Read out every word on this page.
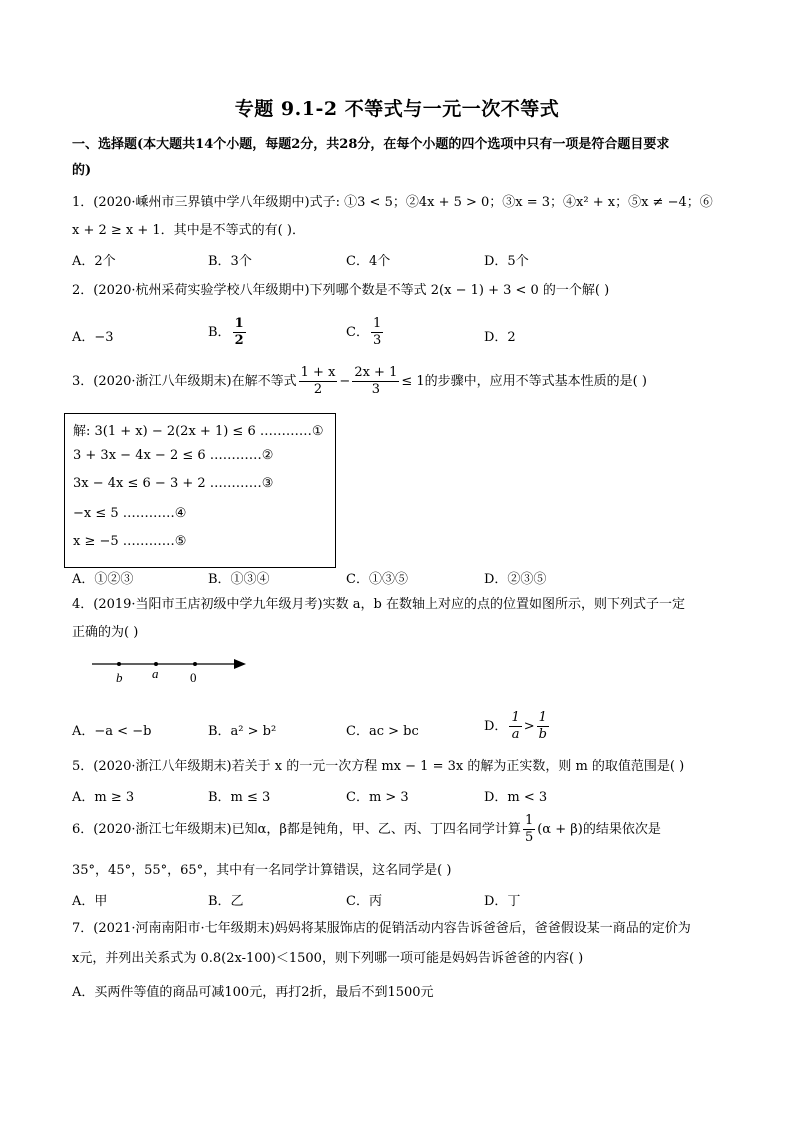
专题 9.1-2 不等式与一元一次不等式
一、选择题(本大题共14个小题，每题2分，共28分，在每个小题的四个选项中只有一项是符合题目要求
的)
1．(2020·嵊州市三界镇中学八年级期中)式子: ①3 < 5；②4x + 5 > 0；③x = 3；④x² + x；⑤x ≠ −4；⑥
x + 2 ≥ x + 1．其中是不等式的有( )．
A．2个	B．3个	C．4个	D．5个
2．(2020·杭州采荷实验学校八年级期中)下列哪个数是不等式 2(x − 1) + 3 < 0 的一个解( )
A．−3	B． $\frac{1}{2}$	C． $\frac{1}{3}$	D．2
3．(2020·浙江八年级期末)在解不等式 $\frac{1 + x}{2} - \frac{2x + 1}{3} \le 1$的步骤中，应用不等式基本性质的是( )
解: 3(1 + x) − 2(2x + 1) ≤ 6 …………①
3 + 3x − 4x − 2 ≤ 6 …………②
3x − 4x ≤ 6 − 3 + 2 …………③
−x ≤ 5 …………④
x ≥ −5 …………⑤
A．①②③	B．①③④	C．①③⑤	D．②③⑤
4．(2019·当阳市王店初级中学九年级月考)实数 a，b 在数轴上对应的点的位置如图所示，则下列式子一定
正确的为( )
b a 0
A．−a < −b	B．a² > b²	C．ac > bc	D． $\frac{1}{a} > \frac{1}{b}$
5．(2020·浙江八年级期末)若关于 x 的一元一次方程 mx − 1 = 3x 的解为正实数，则 m 的取值范围是( )
A．m ≥ 3	B．m ≤ 3	C．m > 3	D．m < 3
6．(2020·浙江七年级期末)已知α，β都是钝角，甲、乙、丙、丁四名同学计算 $\frac{1}{5} (\alpha + \beta)$的结果依次是
35°，45°，55°，65°，其中有一名同学计算错误，这名同学是( )
A．甲	B．乙	C．丙	D．丁
7．(2021·河南南阳市·七年级期末)妈妈将某服饰店的促销活动内容告诉爸爸后，爸爸假设某一商品的定价为
x元，并列出关系式为 0.8(2x-100)＜1500，则下列哪一项可能是妈妈告诉爸爸的内容( )
A．买两件等值的商品可减100元，再打2折，最后不到1500元
